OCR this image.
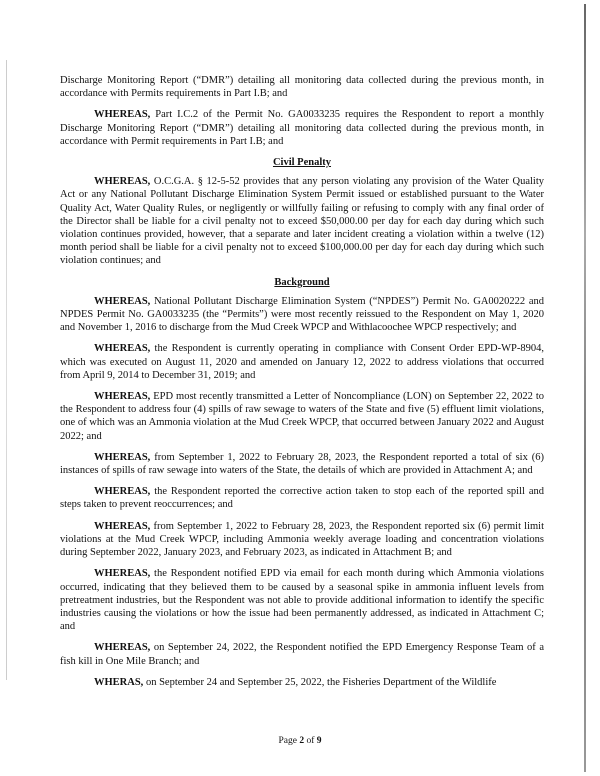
Discharge Monitoring Report (“DMR”) detailing all monitoring data collected during the previous month, in accordance with Permits requirements in Part I.B; and

WHEREAS, Part I.C.2 of the Permit No. GA0033235 requires the Respondent to report a monthly Discharge Monitoring Report (“DMR”) detailing all monitoring data collected during the previous month, in accordance with Permit requirements in Part I.B; and

Civil Penalty

WHEREAS, O.C.G.A. § 12-5-52 provides that any person violating any provision of the Water Quality Act or any National Pollutant Discharge Elimination System Permit issued or established pursuant to the Water Quality Act, Water Quality Rules, or negligently or willfully failing or refusing to comply with any final order of the Director shall be liable for a civil penalty not to exceed $50,000.00 per day for each day during which such violation continues provided, however, that a separate and later incident creating a violation within a twelve (12) month period shall be liable for a civil penalty not to exceed $100,000.00 per day for each day during which such violation continues; and

Background

WHEREAS, National Pollutant Discharge Elimination System (“NPDES”) Permit No. GA0020222 and NPDES Permit No. GA0033235 (the “Permits”) were most recently reissued to the Respondent on May 1, 2020 and November 1, 2016 to discharge from the Mud Creek WPCP and Withlacoochee WPCP respectively; and

WHEREAS, the Respondent is currently operating in compliance with Consent Order EPD-WP-8904, which was executed on August 11, 2020 and amended on January 12, 2022 to address violations that occurred from April 9, 2014 to December 31, 2019; and

WHEREAS, EPD most recently transmitted a Letter of Noncompliance (LON) on September 22, 2022 to the Respondent to address four (4) spills of raw sewage to waters of the State and five (5) effluent limit violations, one of which was an Ammonia violation at the Mud Creek WPCP, that occurred between January 2022 and August 2022; and

WHEREAS, from September 1, 2022 to February 28, 2023, the Respondent reported a total of six (6) instances of spills of raw sewage into waters of the State, the details of which are provided in Attachment A; and

WHEREAS, the Respondent reported the corrective action taken to stop each of the reported spill and steps taken to prevent reoccurrences; and

WHEREAS, from September 1, 2022 to February 28, 2023, the Respondent reported six (6) permit limit violations at the Mud Creek WPCP, including Ammonia weekly average loading and concentration violations during September 2022, January 2023, and February 2023, as indicated in Attachment B; and

WHEREAS, the Respondent notified EPD via email for each month during which Ammonia violations occurred, indicating that they believed them to be caused by a seasonal spike in ammonia influent levels from pretreatment industries, but the Respondent was not able to provide additional information to identify the specific industries causing the violations or how the issue had been permanently addressed, as indicated in Attachment C; and

WHEREAS, on September 24, 2022, the Respondent notified the EPD Emergency Response Team of a fish kill in One Mile Branch; and

WHERAS, on September 24 and September 25, 2022, the Fisheries Department of the Wildlife

Page 2 of 9
